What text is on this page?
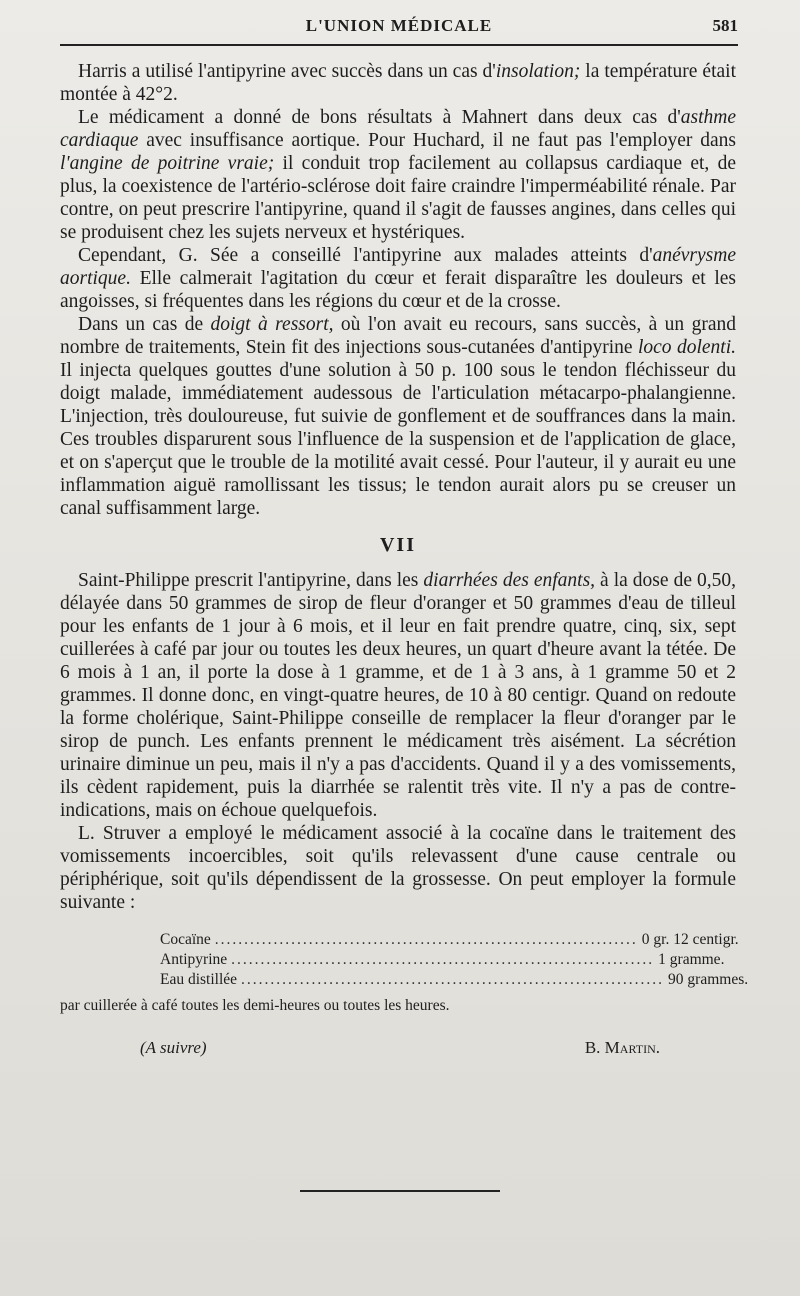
L'UNION MÉDICALE	581

Harris a utilisé l'antipyrine avec succès dans un cas d'insolation; la température était montée à 42°2.

Le médicament a donné de bons résultats à Mahnert dans deux cas d'asthme cardiaque avec insuffisance aortique. Pour Huchard, il ne faut pas l'employer dans l'angine de poitrine vraie; il conduit trop facilement au collapsus cardiaque et, de plus, la coexistence de l'artério-sclérose doit faire craindre l'imperméabilité rénale. Par contre, on peut prescrire l'antipyrine, quand il s'agit de fausses angines, dans celles qui se produisent chez les sujets nerveux et hystériques.

Cependant, G. Sée a conseillé l'antipyrine aux malades atteints d'anévrysme aortique. Elle calmerait l'agitation du cœur et ferait disparaître les douleurs et les angoisses, si fréquentes dans les régions du cœur et de la crosse.

Dans un cas de doigt à ressort, où l'on avait eu recours, sans succès, à un grand nombre de traitements, Stein fit des injections sous-cutanées d'antipyrine loco dolenti. Il injecta quelques gouttes d'une solution à 50 p. 100 sous le tendon fléchisseur du doigt malade, immédiatement audessous de l'articulation métacarpo-phalangienne. L'injection, très douloureuse, fut suivie de gonflement et de souffrances dans la main. Ces troubles disparurent sous l'influence de la suspension et de l'application de glace, et on s'aperçut que le trouble de la motilité avait cessé. Pour l'auteur, il y aurait eu une inflammation aiguë ramollissant les tissus; le tendon aurait alors pu se creuser un canal suffisamment large.

VII

Saint-Philippe prescrit l'antipyrine, dans les diarrhées des enfants, à la dose de 0,50, délayée dans 50 grammes de sirop de fleur d'oranger et 50 grammes d'eau de tilleul pour les enfants de 1 jour à 6 mois, et il leur en fait prendre quatre, cinq, six, sept cuillerées à café par jour ou toutes les deux heures, un quart d'heure avant la tétée. De 6 mois à 1 an, il porte la dose à 1 gramme, et de 1 à 3 ans, à 1 gramme 50 et 2 grammes. Il donne donc, en vingt-quatre heures, de 10 à 80 centigr. Quand on redoute la forme cholérique, Saint-Philippe conseille de remplacer la fleur d'oranger par le sirop de punch. Les enfants prennent le médicament très aisément. La sécrétion urinaire diminue un peu, mais il n'y a pas d'accidents. Quand il y a des vomissements, ils cèdent rapidement, puis la diarrhée se ralentit très vite. Il n'y a pas de contre-indications, mais on échoue quelquefois.

L. Struver a employé le médicament associé à la cocaïne dans le traitement des vomissements incoercibles, soit qu'ils relevassent d'une cause centrale ou périphérique, soit qu'ils dépendissent de la grossesse. On peut employer la formule suivante :

Cocaïne ........................................................................ 0 gr. 12 centigr.
Antipyrine ........................................................................ 1 gramme.
Eau distillée ........................................................................ 90 grammes.

par cuillerée à café toutes les demi-heures ou toutes les heures.

(A suivre)	B. Martin.
